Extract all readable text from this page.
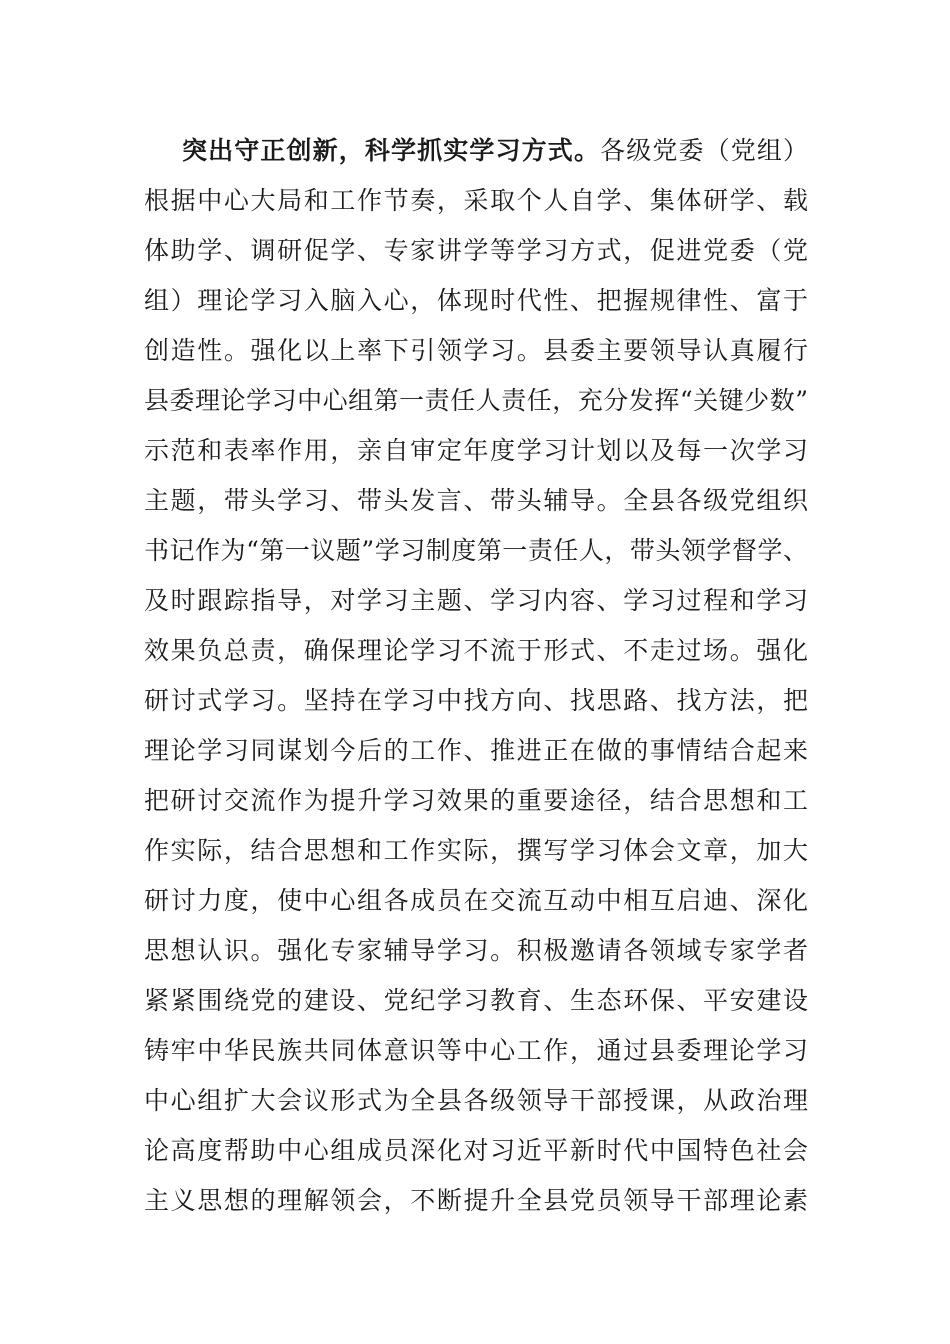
突出守正创新，科学抓实学习方式。各级党委（党组）
根据中心大局和工作节奏，采取个人自学、集体研学、载
体助学、调研促学、专家讲学等学习方式，促进党委（党
组）理论学习入脑入心，体现时代性、把握规律性、富于
创造性。强化以上率下引领学习。县委主要领导认真履行
县委理论学习中心组第一责任人责任，充分发挥“关键少数”
示范和表率作用，亲自审定年度学习计划以及每一次学习
主题，带头学习、带头发言、带头辅导。全县各级党组织
书记作为“第一议题”学习制度第一责任人，带头领学督学、
及时跟踪指导，对学习主题、学习内容、学习过程和学习
效果负总责，确保理论学习不流于形式、不走过场。强化
研讨式学习。坚持在学习中找方向、找思路、找方法，把
理论学习同谋划今后的工作、推进正在做的事情结合起来
把研讨交流作为提升学习效果的重要途径，结合思想和工
作实际，结合思想和工作实际，撰写学习体会文章，加大
研讨力度，使中心组各成员在交流互动中相互启迪、深化
思想认识。强化专家辅导学习。积极邀请各领域专家学者
紧紧围绕党的建设、党纪学习教育、生态环保、平安建设
铸牢中华民族共同体意识等中心工作，通过县委理论学习
中心组扩大会议形式为全县各级领导干部授课，从政治理
论高度帮助中心组成员深化对习近平新时代中国特色社会
主义思想的理解领会，不断提升全县党员领导干部理论素
